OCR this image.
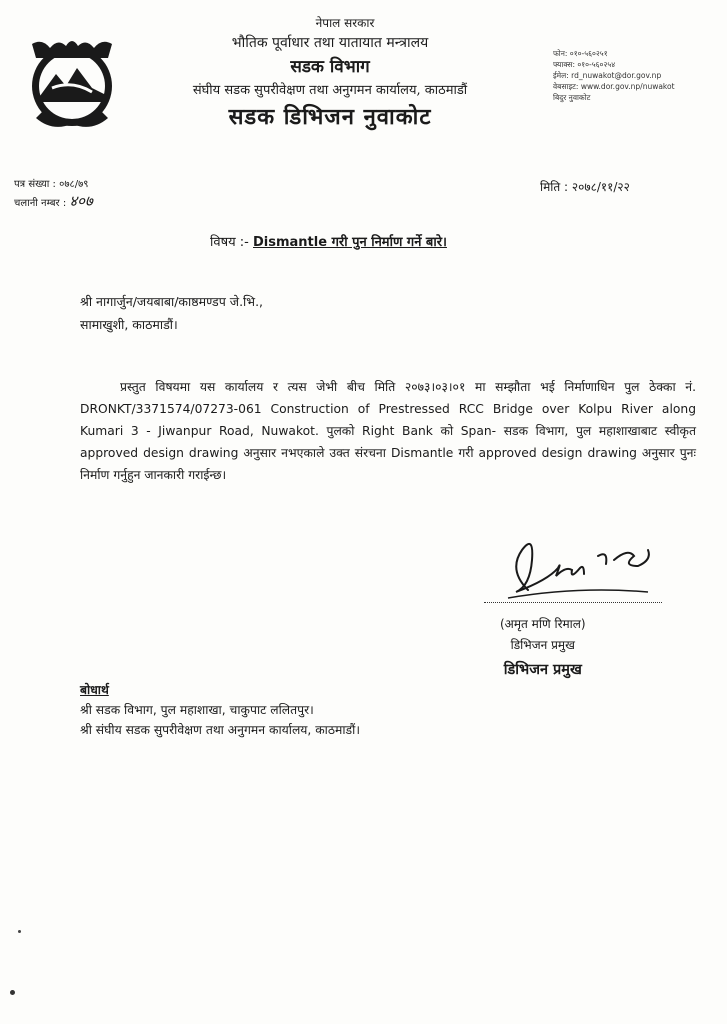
नेपाल सरकार
भौतिक पूर्वाधार तथा यातायात मन्त्रालय
सडक विभाग
संघीय सडक सुपरीवेक्षण तथा अनुगमन कार्यालय, काठमाडौं
सडक डिभिजन नुवाकोट
फोन: ०१०-५६०२५१
फ्याक्स: ०१०-५६०२५४
ईमेल: rd_nuwakot@dor.gov.np
वेबसाइट: www.dor.gov.np/nuwakot
बिदुर नुवाकोट
पत्र संख्या : ०७८/७९
चलानी नम्बर : ४०७
मिति : २०७८/११/२२
विषय :- Dismantle गरी पुन निर्माण गर्ने बारे।
श्री नागार्जुन/जयबाबा/काष्ठमण्डप जे.भि.,
सामाखुशी, काठमाडौं।
प्रस्तुत विषयमा यस कार्यालय र त्यस जेभी बीच मिति २०७३।०३।०१ मा सम्झौता भई निर्माणाधिन पुल ठेक्का नं. DRONKT/3371574/07273-061 Construction of Prestressed RCC Bridge over Kolpu River along Kumari 3 - Jiwanpur Road, Nuwakot. पुलको Right Bank को Span- सडक विभाग, पुल महाशाखाबाट स्वीकृत approved design drawing अनुसार नभएकाले उक्त संरचना Dismantle गरी approved design drawing अनुसार पुनः निर्माण गर्नुहुन जानकारी गराईन्छ।
(अमृत मणि रिमाल)
डिभिजन प्रमुख
डिभिजन प्रमुख
बोधार्थ
श्री सडक विभाग, पुल महाशाखा, चाकुपाट ललितपुर।
श्री संघीय सडक सुपरीवेक्षण तथा अनुगमन कार्यालय, काठमाडौं।
